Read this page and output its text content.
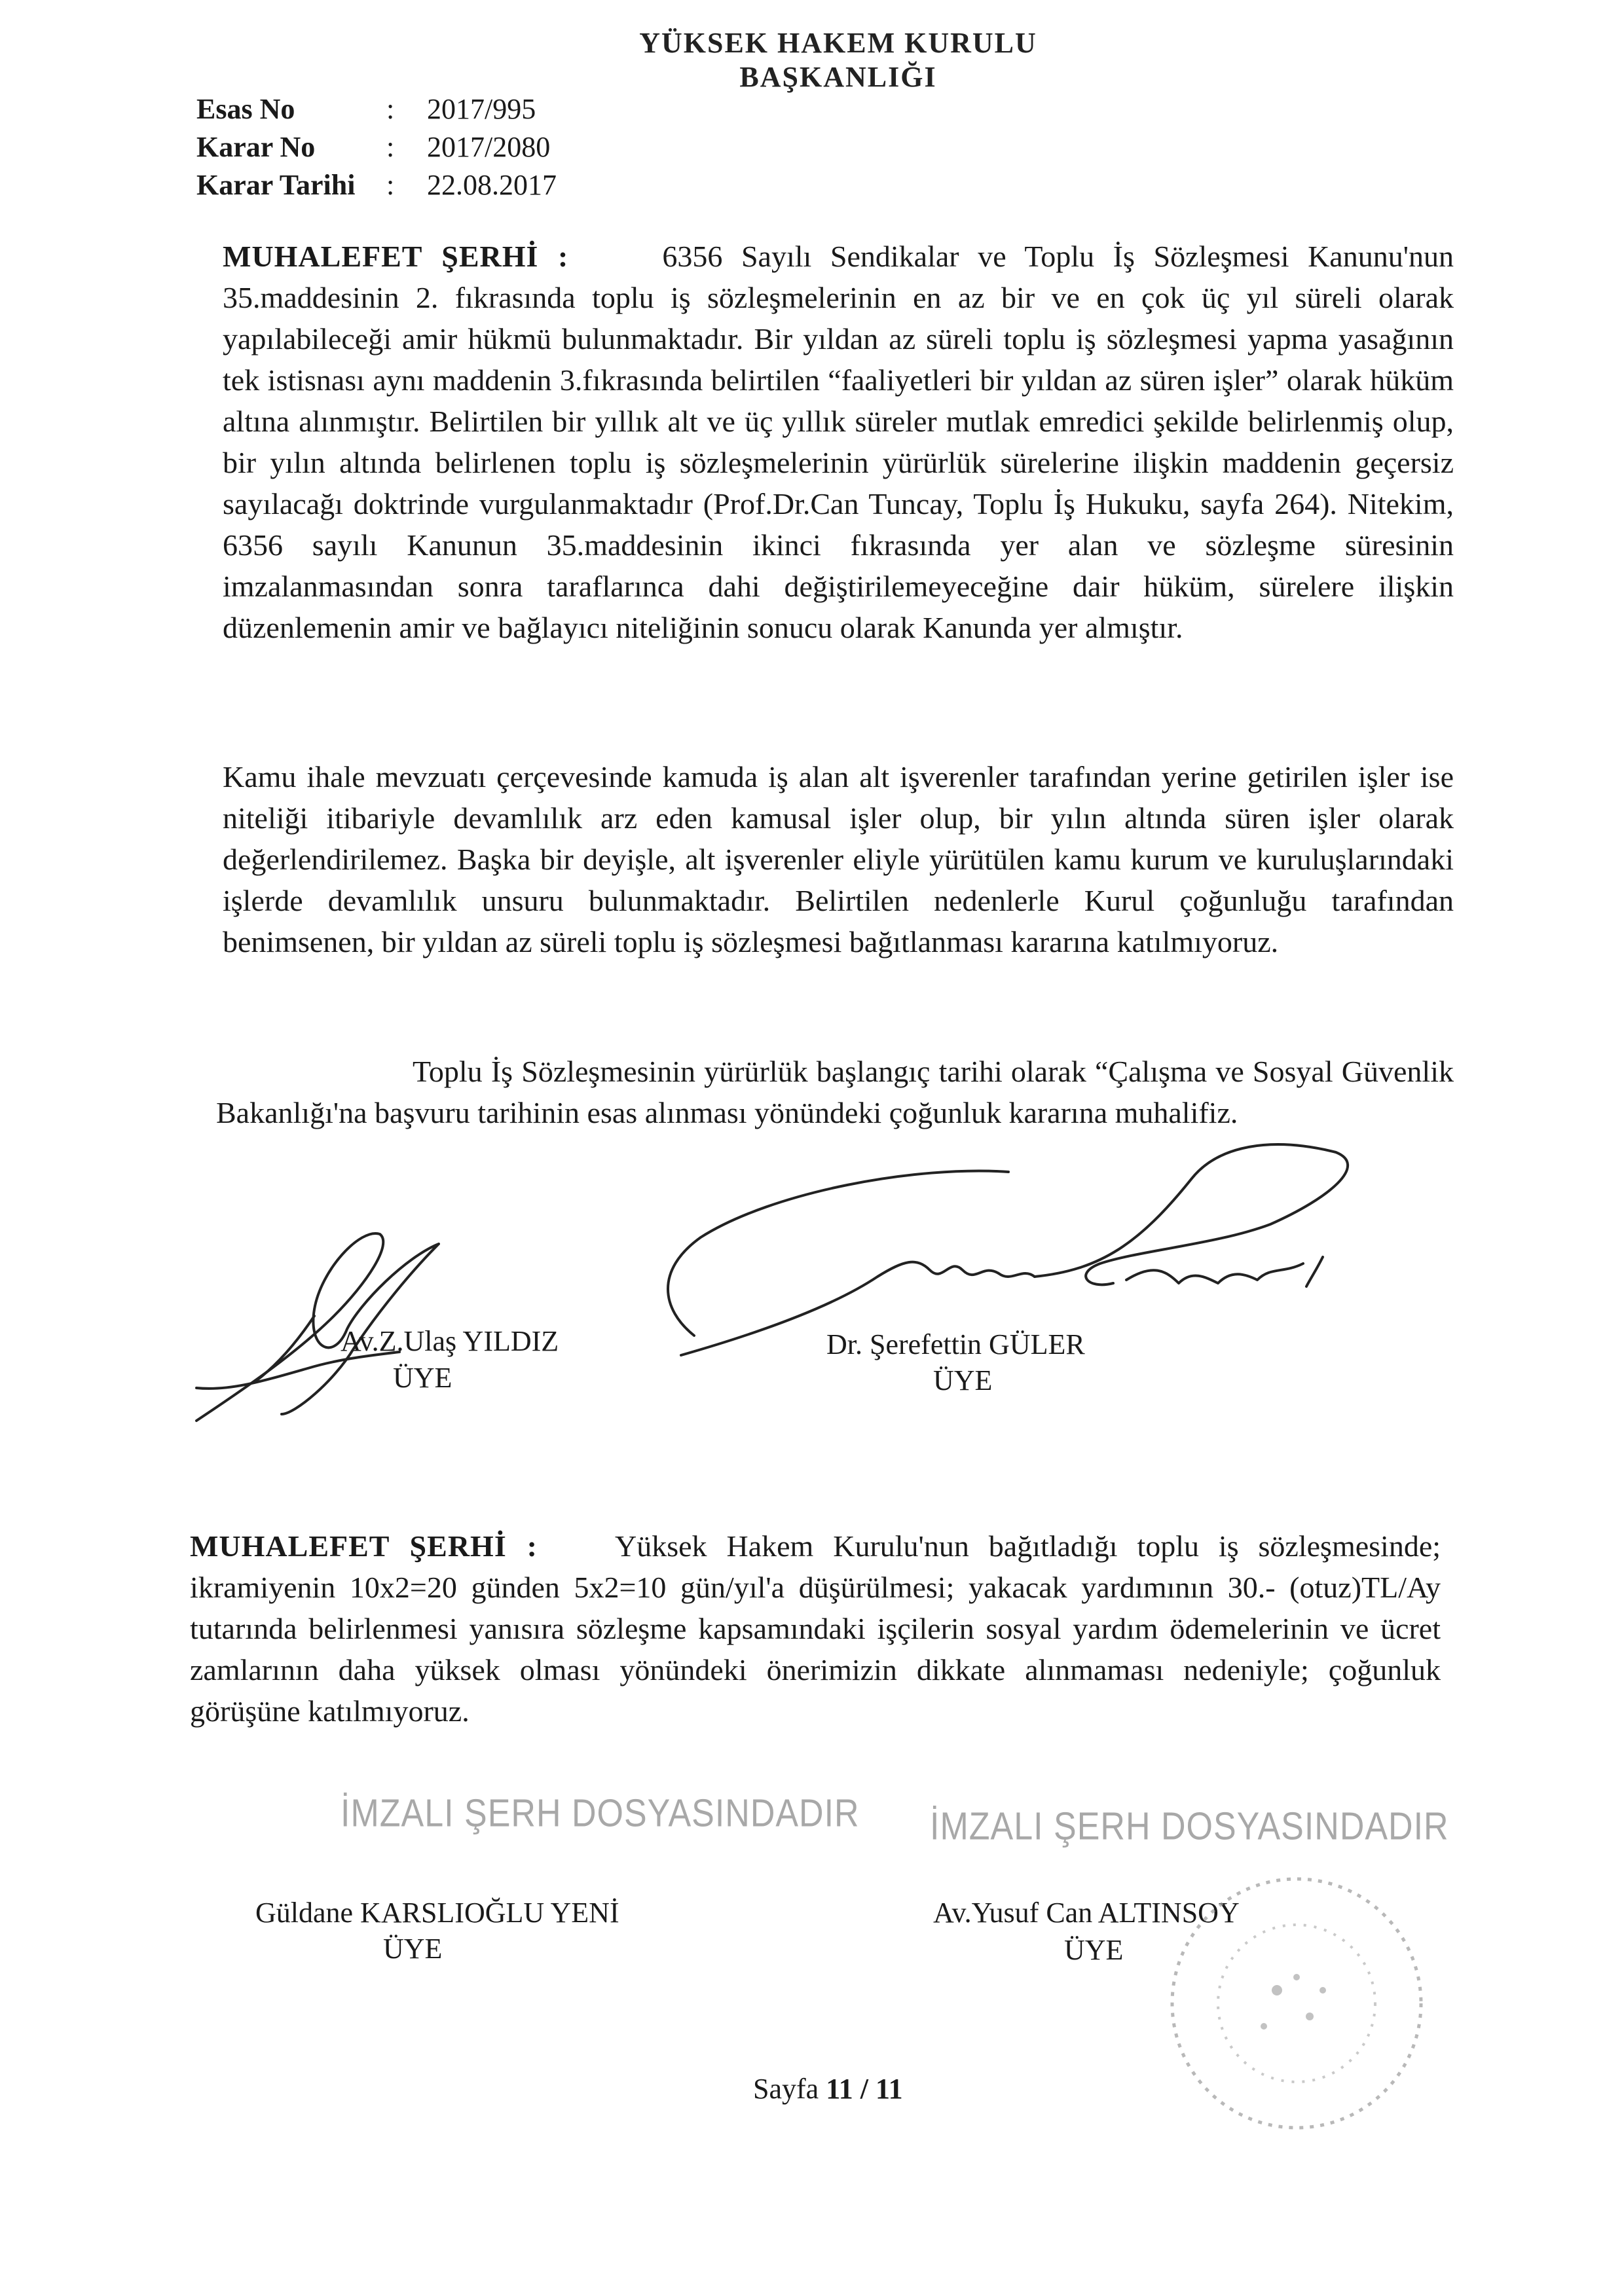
YÜKSEK HAKEM KURULU
BAŞKANLIĞI
Esas No	:	2017/995
Karar No	:	2017/2080
Karar Tarihi	:	22.08.2017
MUHALEFET ŞERHİ :	6356 Sayılı Sendikalar ve Toplu İş Sözleşmesi Kanunu'nun 35.maddesinin 2. fıkrasında toplu iş sözleşmelerinin en az bir ve en çok üç yıl süreli olarak yapılabileceği amir hükmü bulunmaktadır. Bir yıldan az süreli toplu iş sözleşmesi yapma yasağının tek istisnası aynı maddenin 3.fıkrasında belirtilen “faaliyetleri bir yıldan az süren işler” olarak hüküm altına alınmıştır. Belirtilen bir yıllık alt ve üç yıllık süreler mutlak emredici şekilde belirlenmiş olup, bir yılın altında belirlenen toplu iş sözleşmelerinin yürürlük sürelerine ilişkin maddenin geçersiz sayılacağı doktrinde vurgulanmaktadır (Prof.Dr.Can Tuncay, Toplu İş Hukuku, sayfa 264). Nitekim, 6356 sayılı Kanunun 35.maddesinin ikinci fıkrasında yer alan ve sözleşme süresinin imzalanmasından sonra taraflarınca dahi değiştirilemeyeceğine dair hüküm, sürelere ilişkin düzenlemenin amir ve bağlayıcı niteliğinin sonucu olarak Kanunda yer almıştır.
Kamu ihale mevzuatı çerçevesinde kamuda iş alan alt işverenler tarafından yerine getirilen işler ise niteliği itibariyle devamlılık arz eden kamusal işler olup, bir yılın altında süren işler olarak değerlendirilemez. Başka bir deyişle, alt işverenler eliyle yürütülen kamu kurum ve kuruluşlarındaki işlerde devamlılık unsuru bulunmaktadır. Belirtilen nedenlerle Kurul çoğunluğu tarafından benimsenen, bir yıldan az süreli toplu iş sözleşmesi bağıtlanması kararına katılmıyoruz.
Toplu İş Sözleşmesinin yürürlük başlangıç tarihi olarak “Çalışma ve Sosyal Güvenlik Bakanlığı'na başvuru tarihinin esas alınması yönündeki çoğunluk kararına muhalifiz.
Av.Z.Ulaş YILDIZ
ÜYE
Dr. Şerefettin GÜLER
ÜYE
MUHALEFET ŞERHİ :	Yüksek Hakem Kurulu'nun bağıtladığı toplu iş sözleşmesinde; ikramiyenin 10x2=20 günden 5x2=10 gün/yıl'a düşürülmesi; yakacak yardımının 30.- (otuz)TL/Ay tutarında belirlenmesi yanısıra sözleşme kapsamındaki işçilerin sosyal yardım ödemelerinin ve ücret zamlarının daha yüksek olması yönündeki önerimizin dikkate alınmaması nedeniyle; çoğunluk görüşüne katılmıyoruz.
İMZALI ŞERH DOSYASINDADIR İMZALI ŞERH DOSYASINDADIR
Güldane KARSLIOĞLU YENİ
ÜYE
Av.Yusuf Can ALTINSOY
ÜYE
Sayfa 11 / 11
